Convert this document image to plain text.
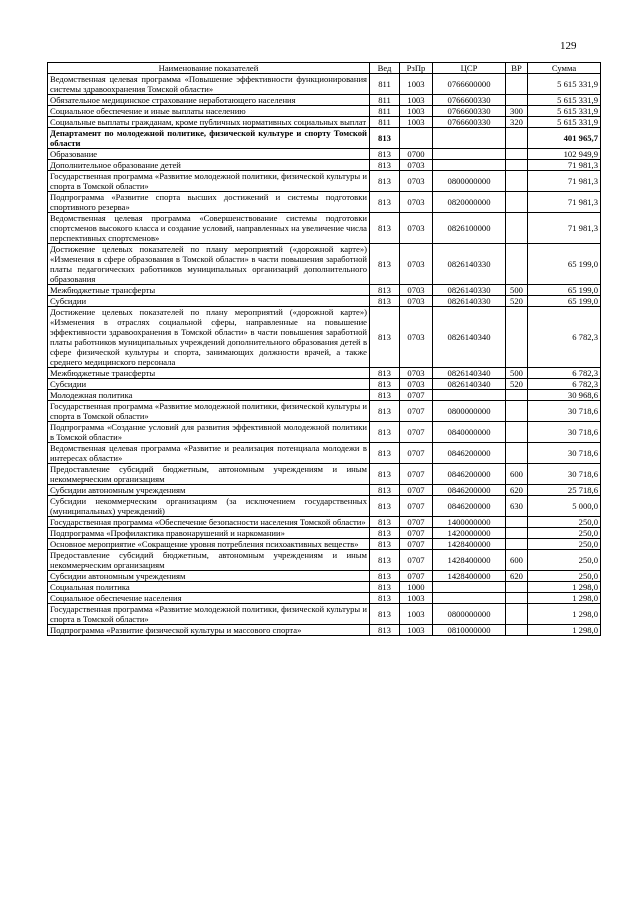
129
Наименование показателей	Вед	РзПр	ЦСР	ВР	Сумма
Ведомственная целевая программа «Повышение эффективности функционирования системы здравоохранения Томской области»	811	1003	0766600000		5 615 331,9
Обязательное медицинское страхование неработающего населения	811	1003	0766600330		5 615 331,9
Социальное обеспечение и иные выплаты населению	811	1003	0766600330	300	5 615 331,9
Социальные выплаты гражданам, кроме публичных нормативных социальных выплат	811	1003	0766600330	320	5 615 331,9
Департамент по молодежной политике, физической культуре и спорту Томской области	813				401 965,7
Образование	813	0700			102 949,9
Дополнительное образование детей	813	0703			71 981,3
Государственная программа «Развитие молодежной политики, физической культуры и спорта в Томской области»	813	0703	0800000000		71 981,3
Подпрограмма «Развитие спорта высших достижений и системы подготовки спортивного резерва»	813	0703	0820000000		71 981,3
Ведомственная целевая программа «Совершенствование системы подготовки спортсменов высокого класса и создание условий, направленных на увеличение числа перспективных спортсменов»	813	0703	0826100000		71 981,3
Достижение целевых показателей по плану мероприятий («дорожной карте») «Изменения в сфере образования в Томской области» в части повышения заработной платы педагогических работников муниципальных организаций дополнительного образования	813	0703	0826140330		65 199,0
Межбюджетные трансферты	813	0703	0826140330	500	65 199,0
Субсидии	813	0703	0826140330	520	65 199,0
Достижение целевых показателей по плану мероприятий («дорожной карте») «Изменения в отраслях социальной сферы, направленные на повышение эффективности здравоохранения в Томской области» в части повышения заработной платы работников муниципальных учреждений дополнительного образования детей в сфере физической культуры и спорта, занимающих должности врачей, а также среднего медицинского персонала	813	0703	0826140340		6 782,3
Межбюджетные трансферты	813	0703	0826140340	500	6 782,3
Субсидии	813	0703	0826140340	520	6 782,3
Молодежная политика	813	0707			30 968,6
Государственная программа «Развитие молодежной политики, физической культуры и спорта в Томской области»	813	0707	0800000000		30 718,6
Подпрограмма «Создание условий для развития эффективной молодежной политики в Томской области»	813	0707	0840000000		30 718,6
Ведомственная целевая программа «Развитие и реализация потенциала молодежи в интересах области»	813	0707	0846200000		30 718,6
Предоставление субсидий бюджетным, автономным учреждениям и иным некоммерческим организациям	813	0707	0846200000	600	30 718,6
Субсидии автономным учреждениям	813	0707	0846200000	620	25 718,6
Субсидии некоммерческим организациям (за исключением государственных (муниципальных) учреждений)	813	0707	0846200000	630	5 000,0
Государственная программа «Обеспечение безопасности населения Томской области»	813	0707	1400000000		250,0
Подпрограмма «Профилактика правонарушений и наркомании»	813	0707	1420000000		250,0
Основное мероприятие «Сокращение уровня потребления психоактивных веществ»	813	0707	1428400000		250,0
Предоставление субсидий бюджетным, автономным учреждениям и иным некоммерческим организациям	813	0707	1428400000	600	250,0
Субсидии автономным учреждениям	813	0707	1428400000	620	250,0
Социальная политика	813	1000			1 298,0
Социальное обеспечение населения	813	1003			1 298,0
Государственная программа «Развитие молодежной политики, физической культуры и спорта в Томской области»	813	1003	0800000000		1 298,0
Подпрограмма «Развитие физической культуры и массового спорта»	813	1003	0810000000		1 298,0
